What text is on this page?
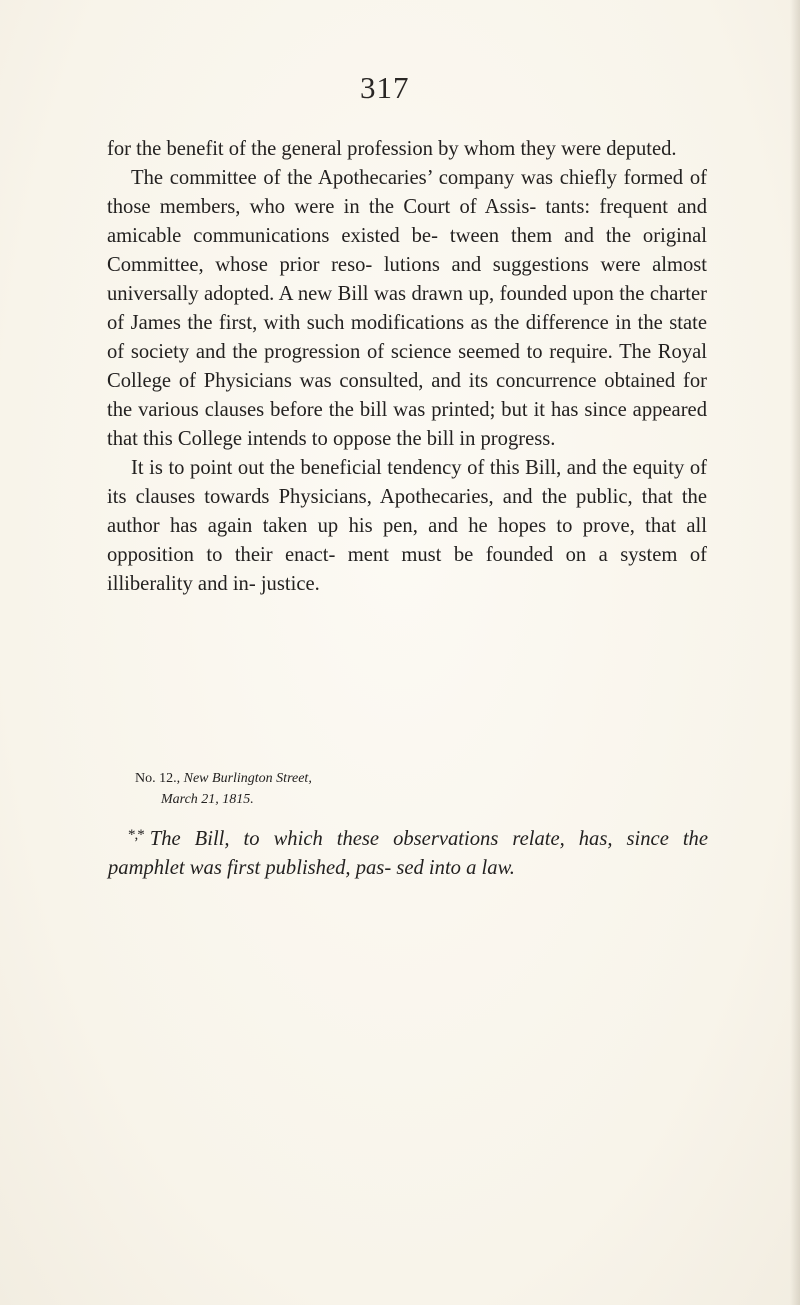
317

for the benefit of the general profession by whom they were deputed.

The committee of the Apothecaries’ company was chiefly formed of those members, who were in the Court of Assis- tants: frequent and amicable communications existed be- tween them and the original Committee, whose prior reso- lutions and suggestions were almost universally adopted. A new Bill was drawn up, founded upon the charter of James the first, with such modifications as the difference in the state of society and the progression of science seemed to require. The Royal College of Physicians was consulted, and its concurrence obtained for the various clauses before the bill was printed; but it has since appeared that this College intends to oppose the bill in progress.

It is to point out the beneficial tendency of this Bill, and the equity of its clauses towards Physicians, Apothecaries, and the public, that the author has again taken up his pen, and he hopes to prove, that all opposition to their enact- ment must be founded on a system of illiberality and in- justice.

No. 12., New Burlington Street,
March 21, 1815.
*,* The Bill, to which these observations relate, has, since the pamphlet was first published, pas- sed into a law.
